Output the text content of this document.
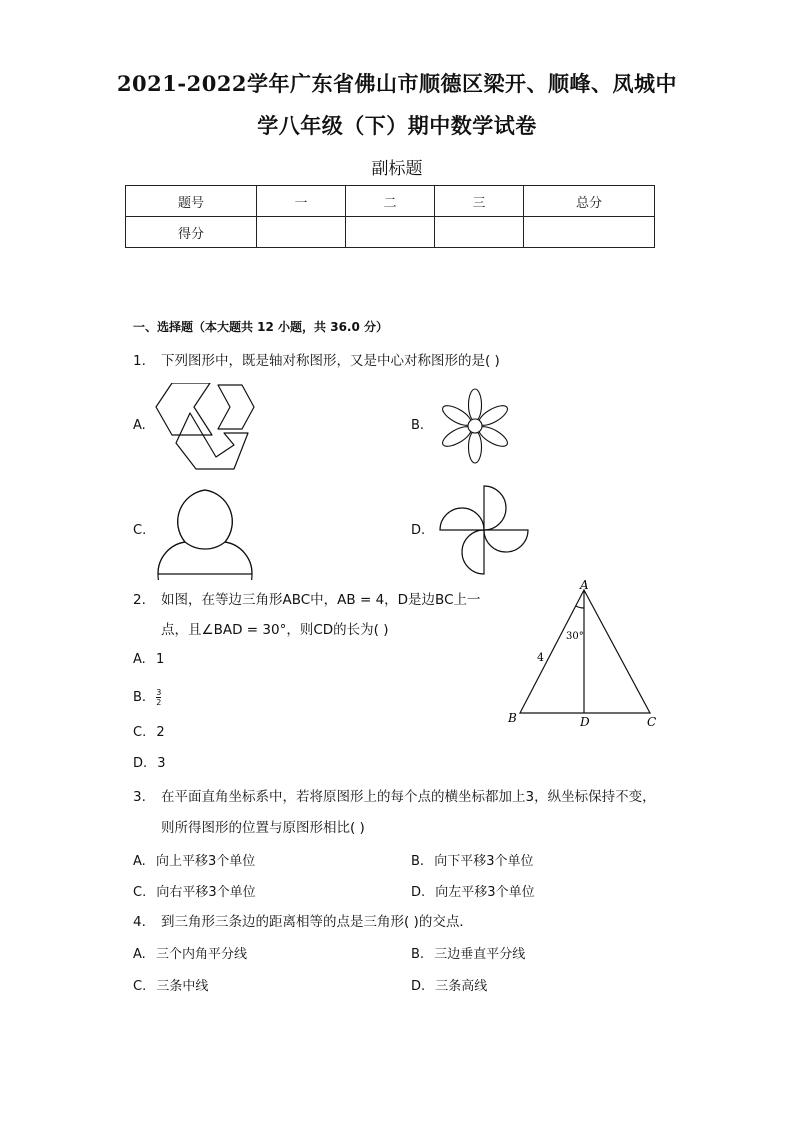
2021-2022学年广东省佛山市顺德区梁开、顺峰、凤城中
学八年级（下）期中数学试卷
副标题
题号	一	二	三	总分
得分				
一、选择题（本大题共 12 小题，共 36.0 分）
1. 下列图形中，既是轴对称图形，又是中心对称图形的是( )
A.	B.
C.	D.
2. 如图，在等边三角形ABC中，AB = 4，D是边BC上一
点，且∠BAD = 30°，则CD的长为( )
A. 1
B. $\frac{3}{2}$
C. 2
D. 3
A
B	D	C
4
30°
3. 在平面直角坐标系中，若将原图形上的每个点的横坐标都加上3，纵坐标保持不变，
则所得图形的位置与原图形相比( )
A. 向上平移3个单位	B. 向下平移3个单位
C. 向右平移3个单位	D. 向左平移3个单位
4. 到三角形三条边的距离相等的点是三角形( )的交点．
A. 三个内角平分线	B. 三边垂直平分线
C. 三条中线	D. 三条高线
